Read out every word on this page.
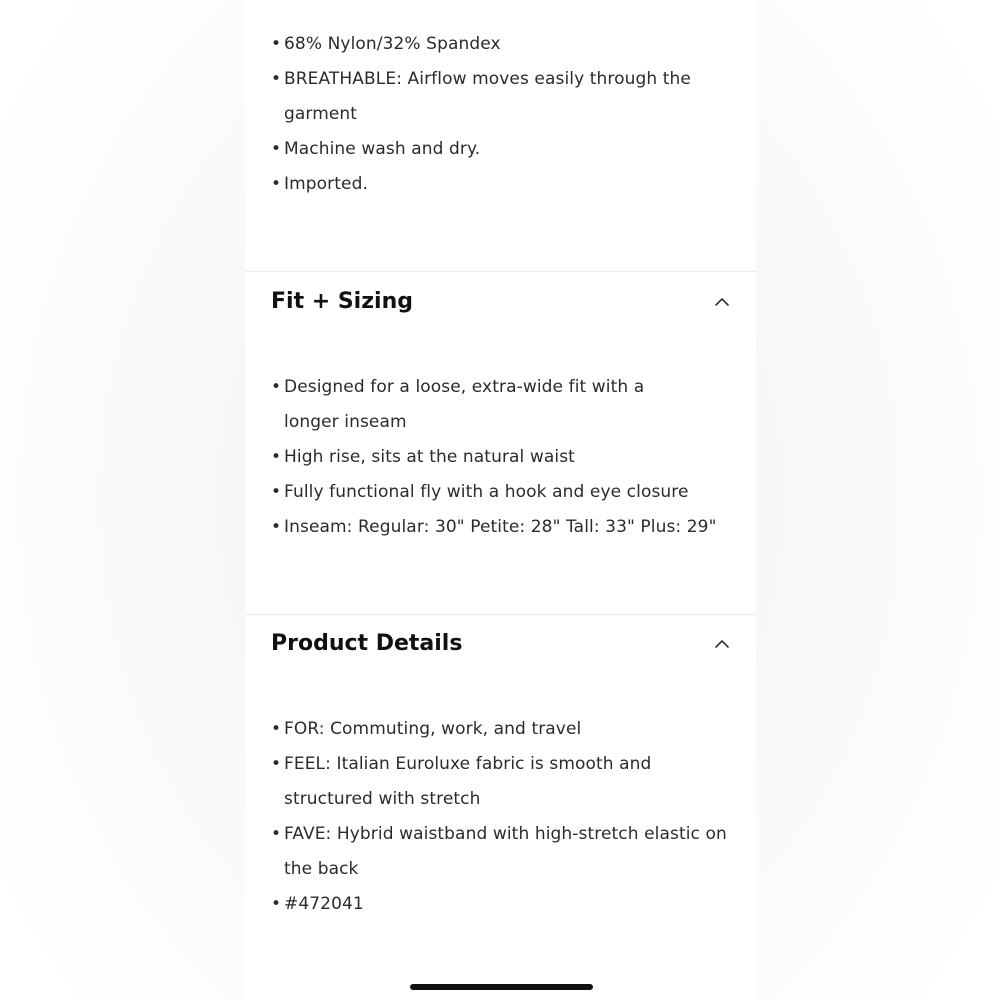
• 68% Nylon/32% Spandex
• BREATHABLE: Airflow moves easily through the garment
• Machine wash and dry.
• Imported.
Fit + Sizing
• Designed for a loose, extra-wide fit with a longer inseam
• High rise, sits at the natural waist
• Fully functional fly with a hook and eye closure
• Inseam: Regular: 30" Petite: 28" Tall: 33" Plus: 29"
Product Details
• FOR: Commuting, work, and travel
• FEEL: Italian Euroluxe fabric is smooth and structured with stretch
• FAVE: Hybrid waistband with high-stretch elastic on the back
• #472041
